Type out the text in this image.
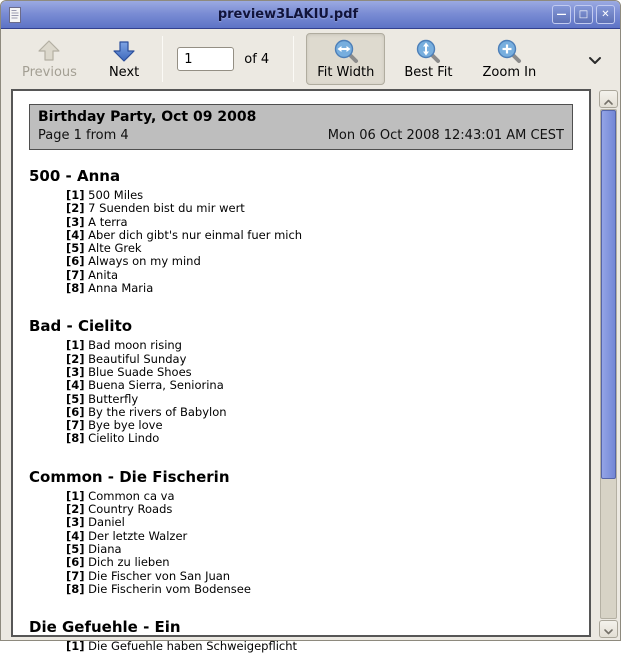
preview3LAKIU.pdf	—	□	✕
Previous Next
1
of 4
Fit Width Best Fit Zoom In
Birthday Party, Oct 09 2008
Page 1 from 4	Mon 06 Oct 2008 12:43:01 AM CEST
500 - Anna
[1] 500 Miles
[2] 7 Suenden bist du mir wert
[3] A terra
[4] Aber dich gibt's nur einmal fuer mich
[5] Alte Grek
[6] Always on my mind
[7] Anita
[8] Anna Maria
Bad - Cielito
[1] Bad moon rising
[2] Beautiful Sunday
[3] Blue Suade Shoes
[4] Buena Sierra, Seniorina
[5] Butterfly
[6] By the rivers of Babylon
[7] Bye bye love
[8] Cielito Lindo
Common - Die Fischerin
[1] Common ca va
[2] Country Roads
[3] Daniel
[4] Der letzte Walzer
[5] Diana
[6] Dich zu lieben
[7] Die Fischer von San Juan
[8] Die Fischerin vom Bodensee
Die Gefuehle - Ein
[1] Die Gefuehle haben Schweigepflicht
